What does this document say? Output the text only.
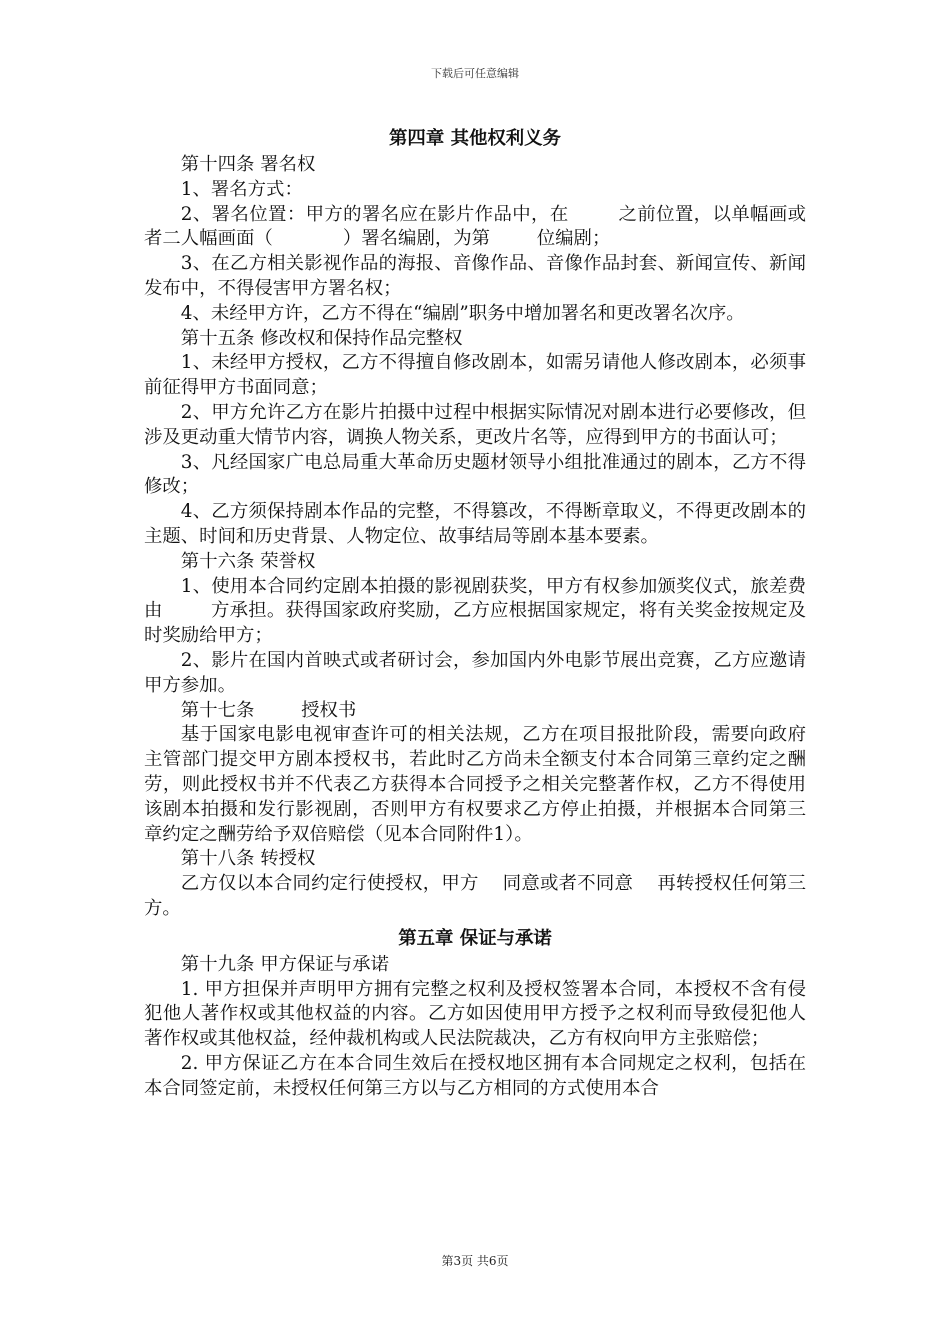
下载后可任意编辑
第四章 其他权利义务

第十四条 署名权

1、署名方式：

2、署名位置：甲方的署名应在影片作品中，在        之前位置，以单幅画或者二人幅画面（            ）署名编剧，为第        位编剧；

3、在乙方相关影视作品的海报、音像作品、音像作品封套、新闻宣传、新闻发布中，不得侵害甲方署名权；

4、未经甲方许，乙方不得在“编剧”职务中增加署名和更改署名次序。

第十五条 修改权和保持作品完整权

1、未经甲方授权，乙方不得擅自修改剧本，如需另请他人修改剧本，必须事前征得甲方书面同意；

2、甲方允许乙方在影片拍摄中过程中根据实际情况对剧本进行必要修改，但涉及更动重大情节内容，调换人物关系，更改片名等，应得到甲方的书面认可；

3、凡经国家广电总局重大革命历史题材领导小组批准通过的剧本，乙方不得修改；

4、乙方须保持剧本作品的完整，不得篡改，不得断章取义，不得更改剧本的主题、时间和历史背景、人物定位、故事结局等剧本基本要素。

第十六条 荣誉权

1、使用本合同约定剧本拍摄的影视剧获奖，甲方有权参加颁奖仪式，旅差费由        方承担。获得国家政府奖励，乙方应根据国家规定，将有关奖金按规定及时奖励给甲方；

2、影片在国内首映式或者研讨会，参加国内外电影节展出竞赛，乙方应邀请甲方参加。

第十七条        授权书

基于国家电影电视审查许可的相关法规，乙方在项目报批阶段，需要向政府主管部门提交甲方剧本授权书，若此时乙方尚未全额支付本合同第三章约定之酬劳，则此授权书并不代表乙方获得本合同授予之相关完整著作权，乙方不得使用该剧本拍摄和发行影视剧，否则甲方有权要求乙方停止拍摄，并根据本合同第三章约定之酬劳给予双倍赔偿（见本合同附件1）。

第十八条 转授权

乙方仅以本合同约定行使授权，甲方    同意或者不同意    再转授权任何第三方。

第五章 保证与承诺

第十九条 甲方保证与承诺

1. 甲方担保并声明甲方拥有完整之权利及授权签署本合同，本授权不含有侵犯他人著作权或其他权益的内容。乙方如因使用甲方授予之权利而导致侵犯他人著作权或其他权益，经仲裁机构或人民法院裁决，乙方有权向甲方主张赔偿；

2. 甲方保证乙方在本合同生效后在授权地区拥有本合同规定之权利，包括在本合同签定前，未授权任何第三方以与乙方相同的方式使用本合

第3页 共6页
